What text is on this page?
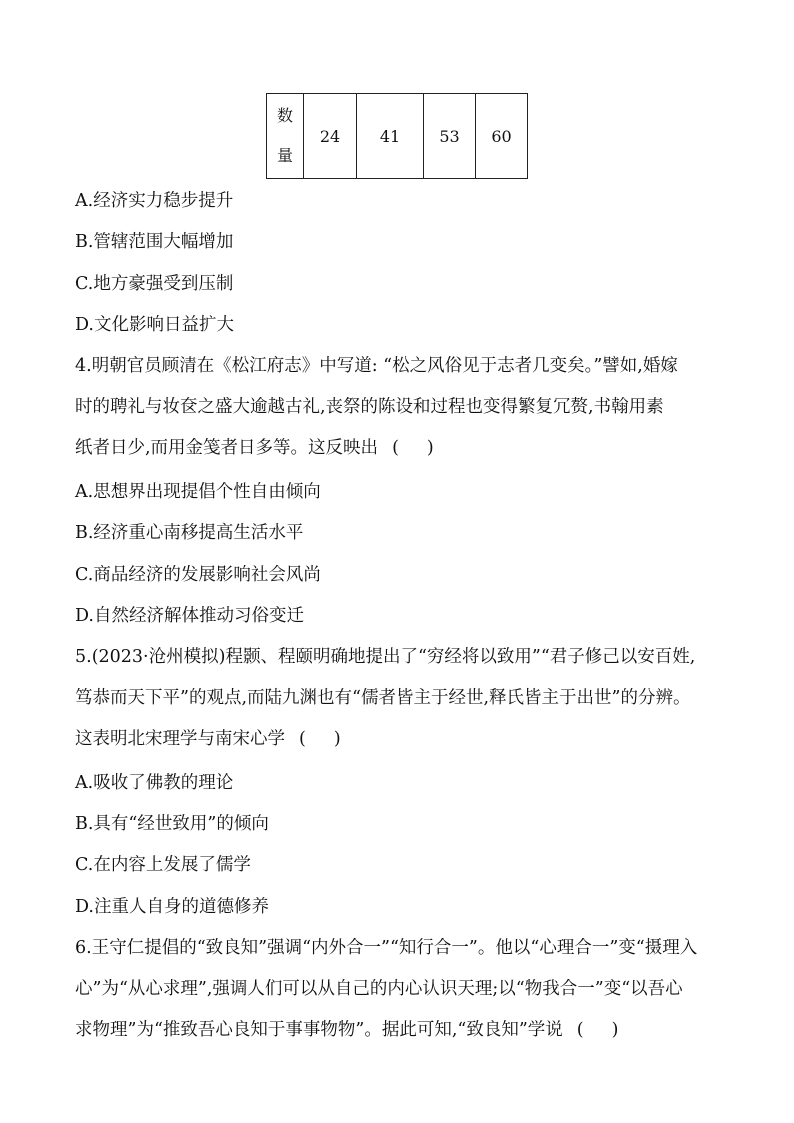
数
量
	24	41	53	60
A.经济实力稳步提升
B.管辖范围大幅增加
C.地方豪强受到压制
D.文化影响日益扩大
4.明朝官员顾清在《松江府志》中写道: “松之风俗见于志者几变矣。”譬如,婚嫁
时的聘礼与妆奁之盛大逾越古礼,丧祭的陈设和过程也变得繁复冗赘,书翰用素
纸者日少,而用金笺者日多等。这反映出 ( )
A.思想界出现提倡个性自由倾向
B.经济重心南移提高生活水平
C.商品经济的发展影响社会风尚
D.自然经济解体推动习俗变迁
5.(2023·沧州模拟)程颢、程颐明确地提出了“穷经将以致用”“君子修己以安百姓,
笃恭而天下平”的观点,而陆九渊也有“儒者皆主于经世,释氏皆主于出世”的分辨。
这表明北宋理学与南宋心学 ( )
A.吸收了佛教的理论
B.具有“经世致用”的倾向
C.在内容上发展了儒学
D.注重人自身的道德修养
6.王守仁提倡的“致良知”强调“内外合一”“知行合一”。他以“心理合一”变“摄理入
心”为“从心求理”,强调人们可以从自己的内心认识天理;以“物我合一”变“以吾心
求物理”为“推致吾心良知于事事物物”。据此可知,“致良知”学说 ( )
